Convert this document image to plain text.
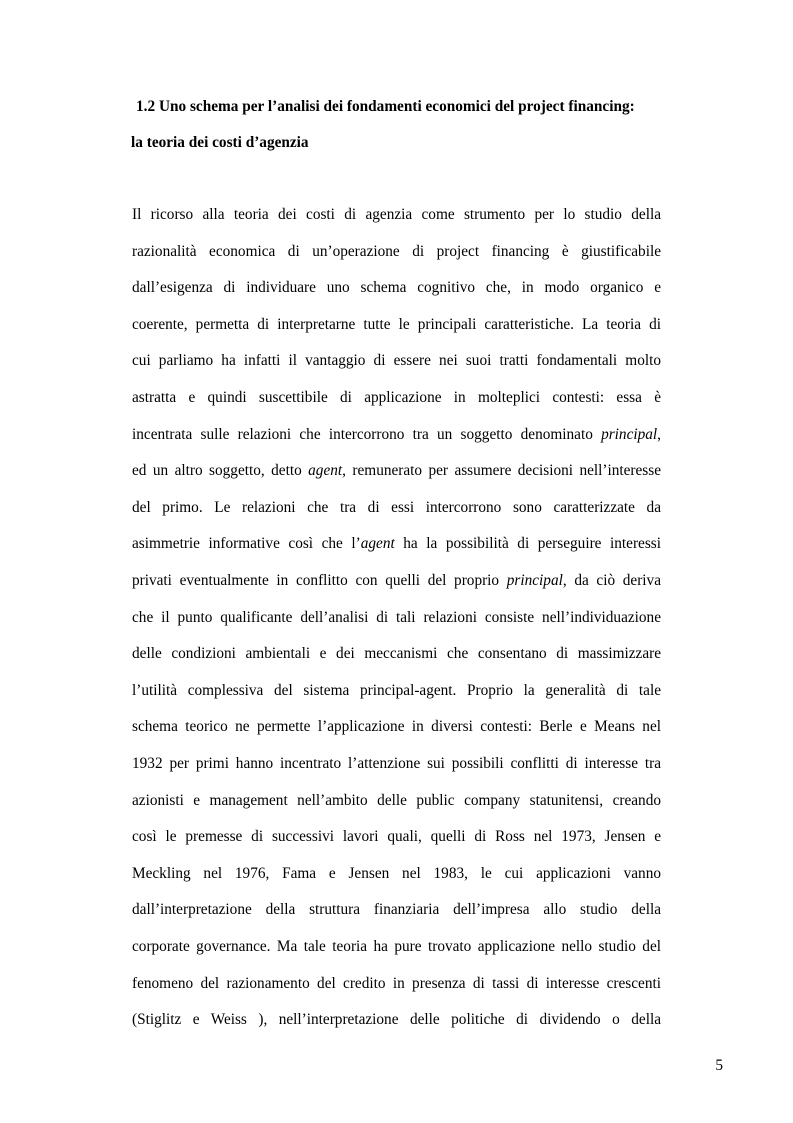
1.2 Uno schema per l’analisi dei fondamenti economici del project financing:
la teoria dei costi d’agenzia
Il ricorso alla teoria dei costi di agenzia come strumento per lo studio della
razionalità economica di un’operazione di project financing è giustificabile
dall’esigenza di individuare uno schema cognitivo che, in modo organico e
coerente, permetta di interpretarne tutte le principali caratteristiche. La teoria di
cui parliamo ha infatti il vantaggio di essere nei suoi tratti fondamentali molto
astratta e quindi suscettibile di applicazione in molteplici contesti: essa è
incentrata sulle relazioni che intercorrono tra un soggetto denominato principal,
ed un altro soggetto, detto agent, remunerato per assumere decisioni nell’interesse
del primo. Le relazioni che tra di essi intercorrono sono caratterizzate da
asimmetrie informative così che l’agent ha la possibilità di perseguire interessi
privati eventualmente in conflitto con quelli del proprio principal, da ciò deriva
che il punto qualificante dell’analisi di tali relazioni consiste nell’individuazione
delle condizioni ambientali e dei meccanismi che consentano di massimizzare
l’utilità complessiva del sistema principal-agent. Proprio la generalità di tale
schema teorico ne permette l’applicazione in diversi contesti: Berle e Means nel
1932 per primi hanno incentrato l’attenzione sui possibili conflitti di interesse tra
azionisti e management nell’ambito delle public company statunitensi, creando
così le premesse di successivi lavori quali, quelli di Ross nel 1973, Jensen e
Meckling nel 1976, Fama e Jensen nel 1983, le cui applicazioni vanno
dall’interpretazione della struttura finanziaria dell’impresa allo studio della
corporate governance. Ma tale teoria ha pure trovato applicazione nello studio del
fenomeno del razionamento del credito in presenza di tassi di interesse crescenti
(Stiglitz e Weiss ), nell’interpretazione delle politiche di dividendo o della
5
